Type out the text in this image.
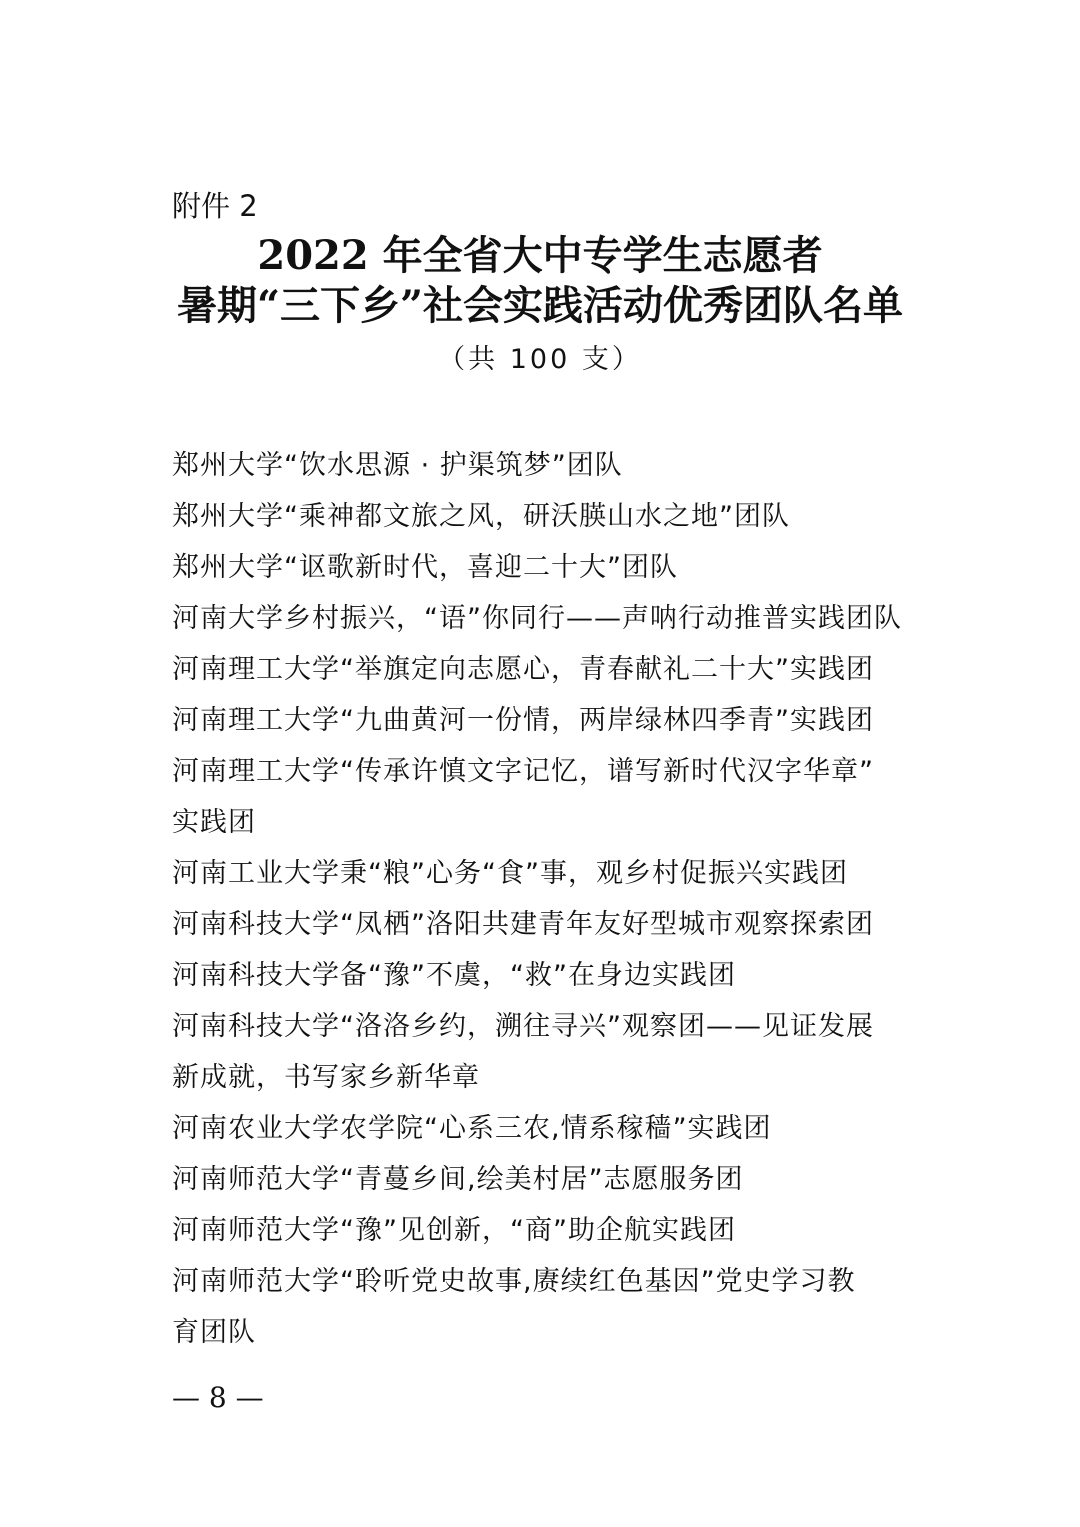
附件 2
2022 年全省大中专学生志愿者
暑期“三下乡”社会实践活动优秀团队名单
（共 100 支）
郑州大学“饮水思源 · 护渠筑梦”团队
郑州大学“乘神都文旅之风，研沃朠山水之地”团队
郑州大学“讴歌新时代，喜迎二十大”团队
河南大学乡村振兴，“语”你同行——声呐行动推普实践团队
河南理工大学“举旗定向志愿心，青春献礼二十大”实践团
河南理工大学“九曲黄河一份情，两岸绿林四季青”实践团
河南理工大学“传承许慎文字记忆，谱写新时代汉字华章”
实践团
河南工业大学秉“粮”心务“食”事，观乡村促振兴实践团
河南科技大学“凤栖”洛阳共建青年友好型城市观察探索团
河南科技大学备“豫”不虞，“救”在身边实践团
河南科技大学“洛洛乡约，溯往寻兴”观察团——见证发展
新成就，书写家乡新华章
河南农业大学农学院“心系三农,情系稼穑”实践团
河南师范大学“青蔓乡间,绘美村居”志愿服务团
河南师范大学“豫”见创新，“商”助企航实践团
河南师范大学“聆听党史故事,赓续红色基因”党史学习教
育团队
— 8 —
